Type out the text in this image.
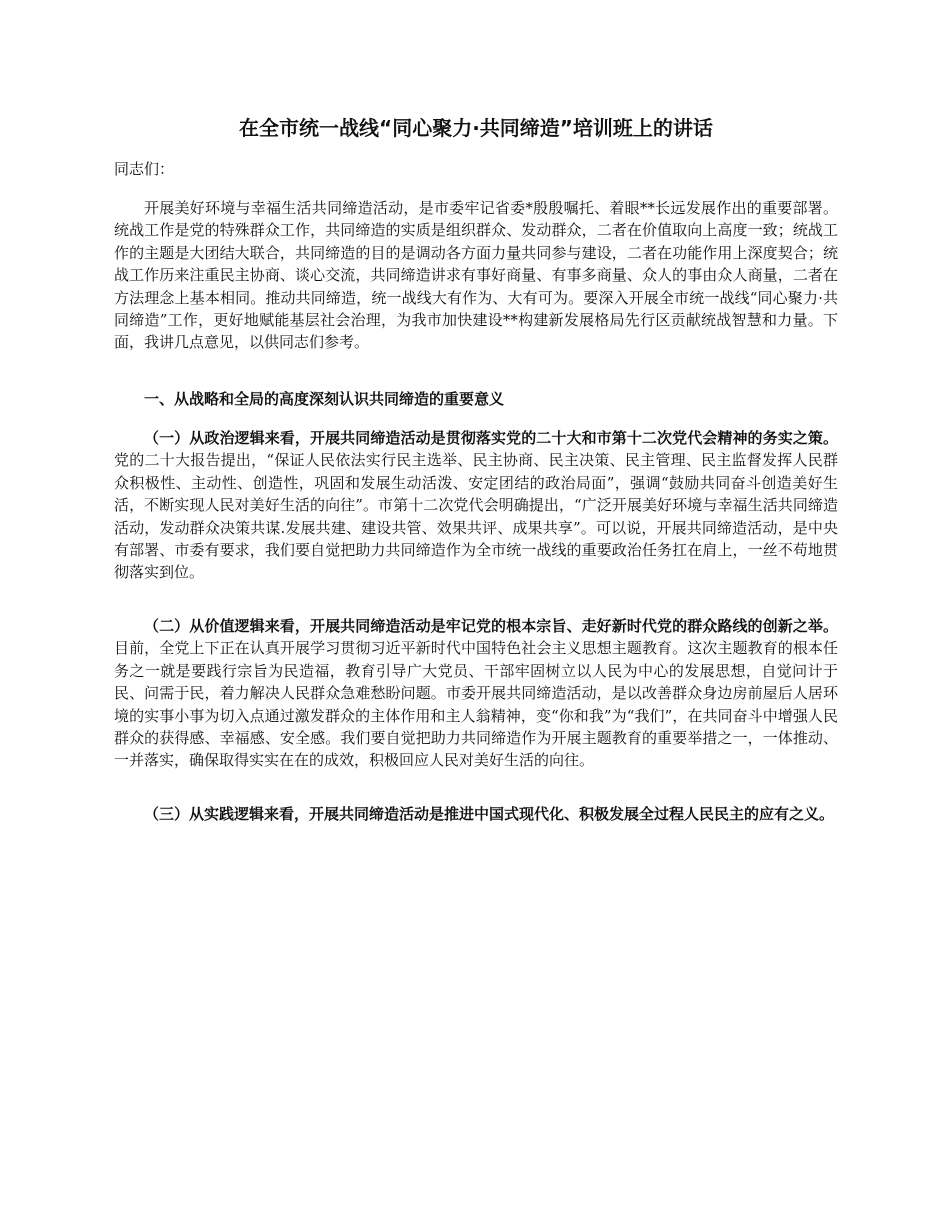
在全市统一战线“同心聚力·共同缔造”培训班上的讲话
同志们：

开展美好环境与幸福生活共同缔造活动，是市委牢记省委*殷殷嘱托、着眼**长远发展作出的重要部署。统战工作是党的特殊群众工作，共同缔造的实质是组织群众、发动群众，二者在价值取向上高度一致；统战工作的主题是大团结大联合，共同缔造的目的是调动各方面力量共同参与建设，二者在功能作用上深度契合；统战工作历来注重民主协商、谈心交流，共同缔造讲求有事好商量、有事多商量、众人的事由众人商量，二者在方法理念上基本相同。推动共同缔造，统一战线大有作为、大有可为。要深入开展全市统一战线“同心聚力·共同缔造”工作，更好地赋能基层社会治理，为我市加快建设**构建新发展格局先行区贡献统战智慧和力量。下面，我讲几点意见，以供同志们参考。

一、从战略和全局的高度深刻认识共同缔造的重要意义

（一）从政治逻辑来看，开展共同缔造活动是贯彻落实党的二十大和市第十二次党代会精神的务实之策。党的二十大报告提出，“保证人民依法实行民主选举、民主协商、民主决策、民主管理、民主监督发挥人民群众积极性、主动性、创造性，巩固和发展生动活泼、安定团结的政治局面”，强调“鼓励共同奋斗创造美好生活，不断实现人民对美好生活的向往”。市第十二次党代会明确提出，“广泛开展美好环境与幸福生活共同缔造活动，发动群众决策共谋.发展共建、建设共管、效果共评、成果共享”。可以说，开展共同缔造活动，是中央有部署、市委有要求，我们要自觉把助力共同缔造作为全市统一战线的重要政治任务扛在肩上，一丝不苟地贯彻落实到位。

（二）从价值逻辑来看，开展共同缔造活动是牢记党的根本宗旨、走好新时代党的群众路线的创新之举。目前，全党上下正在认真开展学习贯彻习近平新时代中国特色社会主义思想主题教育。这次主题教育的根本任务之一就是要践行宗旨为民造福，教育引导广大党员、干部牢固树立以人民为中心的发展思想，自觉问计于民、问需于民，着力解决人民群众急难愁盼问题。市委开展共同缔造活动，是以改善群众身边房前屋后人居环境的实事小事为切入点通过激发群众的主体作用和主人翁精神，变“你和我”为“我们”，在共同奋斗中增强人民群众的获得感、幸福感、安全感。我们要自觉把助力共同缔造作为开展主题教育的重要举措之一，一体推动、一并落实，确保取得实实在在的成效，积极回应人民对美好生活的向往。

（三）从实践逻辑来看，开展共同缔造活动是推进中国式现代化、积极发展全过程人民民主的应有之义。
